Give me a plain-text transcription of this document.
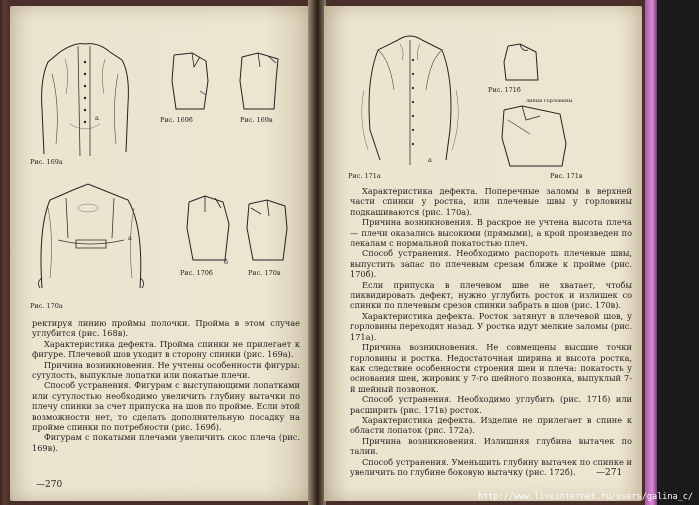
а
Рис. 169а
Рис. 169б	Рис. 169в
а
Рис. 170а
б
Рис. 170б	Рис. 170в

ректируя линию проймы полочки. Пройма в этом случае углубится (рис. 168в).

Характеристика дефекта. Пройма спинки не прилегает к фигуре. Плечевой шов уходит в сторону спинки (рис. 169а).

Причина возникновения. Не учтены особенности фигуры: сутулость, выпуклые лопатки или покатые плечи.

Способ устранения. Фигурам с выступающими лопатками или сутулостью необходимо увеличить глубину вытачки по плечу спинки за счет припуска на шов по пройме. Если этой возможности нет, то сделать дополнительную посадку на пройме спинки по потребности (рис. 169б).

Фигурам с покатыми плечами увеличить скос плеча (рис. 169в).

—270
а
Рис. 171а
Рис. 171б
линия горловины
Рис. 171в

Характеристика дефекта. Поперечные заломы в верхней части спинки у ростка, или плечевые швы у горловины подкашиваются (рис. 170а).

Причина возникновения. В раскрое не учтена высота плеча — плечи оказались высокими (прямыми), а крой произведен по лекалам с нормальной покатостью плеч.

Способ устранения. Необходимо распороть плечевые швы, выпустить запас по плечевым срезам ближе к пройме (рис. 170б).

Если припуска в плечевом шве не хватает, чтобы ликвидировать дефект, нужно углубить росток и излишек со спинки по плечевым срезов спинки забрать в шов (рис. 170в).

Характеристика дефекта. Росток затянут в плечевой шов, у горловины переходят назад. У ростка идут мелкие заломы (рис. 171а).

Причина возникновения. Не совмещены высшие точки горловины и ростка. Недостаточная ширина и высота ростка, как следствие особенности строения шеи и плеча: покатость у основания шеи, жировик у 7-го шейного позвонка, выпуклый 7-й шейный позвонок.

Способ устранения. Необходимо углубить (рис. 171б) или расширить (рис. 171в) росток.

Характеристика дефекта. Изделие не прилегает в спине к области лопаток (рис. 172а).

Причина возникновения. Излишняя глубина вытачек по талии.

Способ устранения. Уменьшить глубину вытачек по спинке и увеличить по глубине боковую вытачку (рис. 172б).	—271
http://www.liveinternet.ru/users/galina_c/
